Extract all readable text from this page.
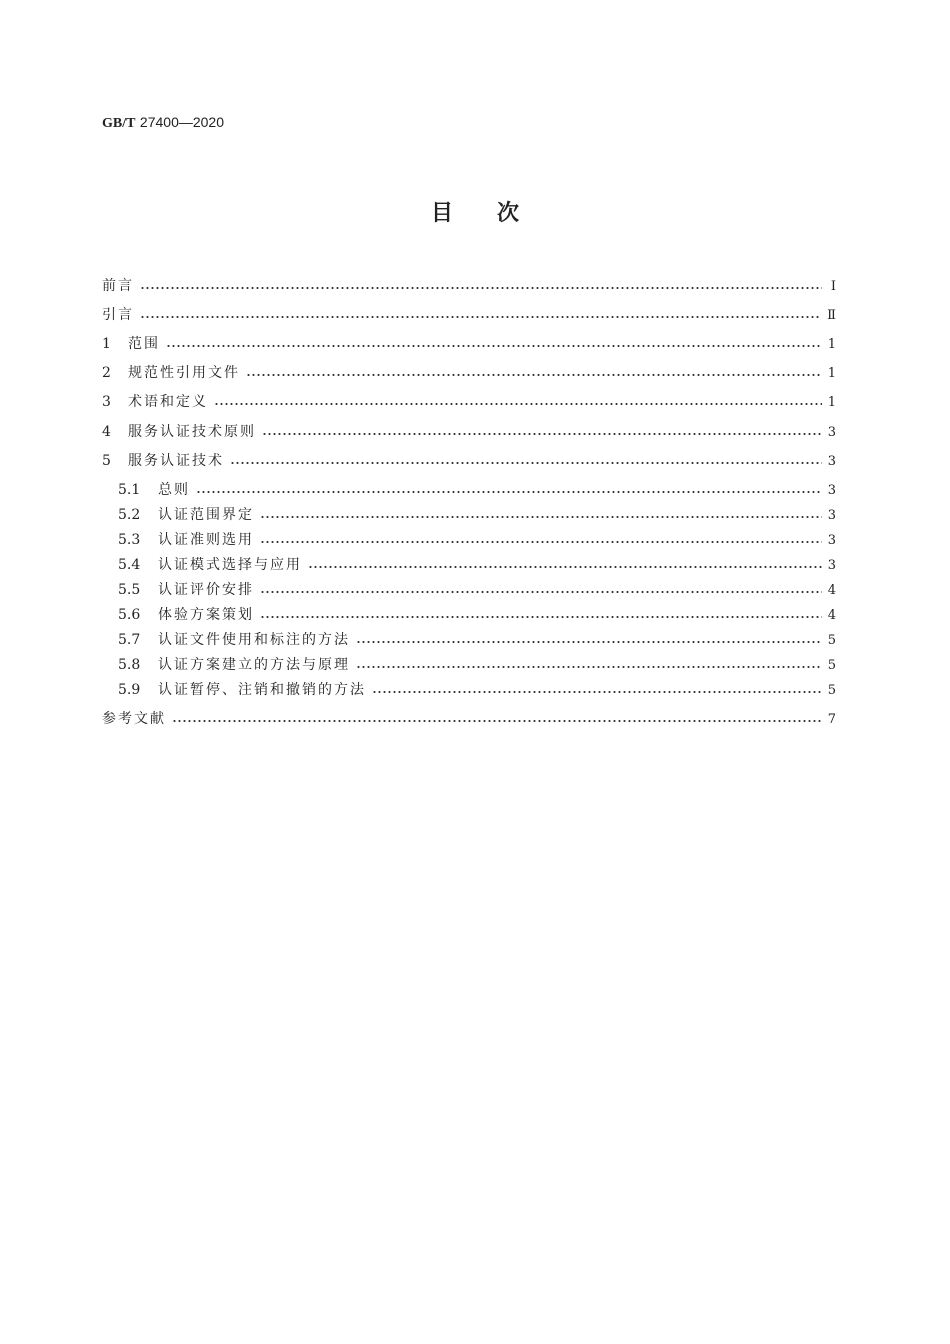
GB/T 27400—2020
目次
前言	Ⅰ
引言	Ⅱ
1	范围	1
2	规范性引用文件	1
3	术语和定义	1
4	服务认证技术原则	3
5	服务认证技术	3
5.1	总则	3
5.2	认证范围界定	3
5.3	认证准则选用	3
5.4	认证模式选择与应用	3
5.5	认证评价安排	4
5.6	体验方案策划	4
5.7	认证文件使用和标注的方法	5
5.8	认证方案建立的方法与原理	5
5.9	认证暂停、注销和撤销的方法	5
参考文献	7
